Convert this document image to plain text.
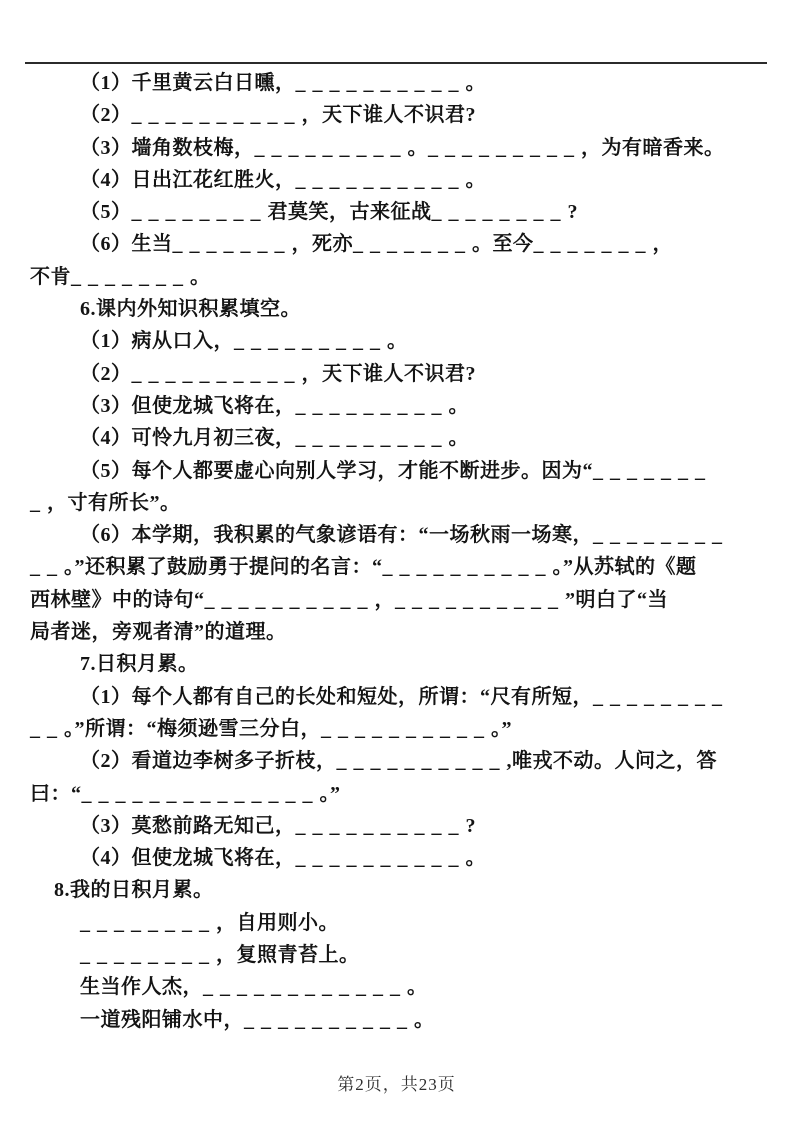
（1）千里黄云白日曛，__________。
（2）__________，天下谁人不识君?
（3）墙角数枝梅，_________。_________，为有暗香来。
（4）日出江花红胜火，__________。
（5）________君莫笑，古来征战________?
（6）生当_______，死亦_______。至今_______，
不肯_______。
6.课内外知识积累填空。
（1）病从口入，_________。
（2）__________，天下谁人不识君?
（3）但使龙城飞将在，_________。
（4）可怜九月初三夜，_________。
（5）每个人都要虚心向别人学习，才能不断进步。因为“_______
_，寸有所长”。
（6）本学期，我积累的气象谚语有：“一场秋雨一场寒，________
__。”还积累了鼓励勇于提问的名言：“__________。”从苏轼的《题
西林壁》中的诗句“__________，__________”明白了“当
局者迷，旁观者清”的道理。
7.日积月累。
（1）每个人都有自己的长处和短处，所谓：“尺有所短，________
__。”所谓：“梅须逊雪三分白，__________。”
（2）看道边李树多子折枝，__________,唯戎不动。人问之，答
曰：“______________。”
（3）莫愁前路无知己，__________?
（4）但使龙城飞将在，__________。
8.我的日积月累。
________，自用则小。
________，复照青苔上。
生当作人杰，____________。
一道残阳铺水中，__________。
第2页，共23页
